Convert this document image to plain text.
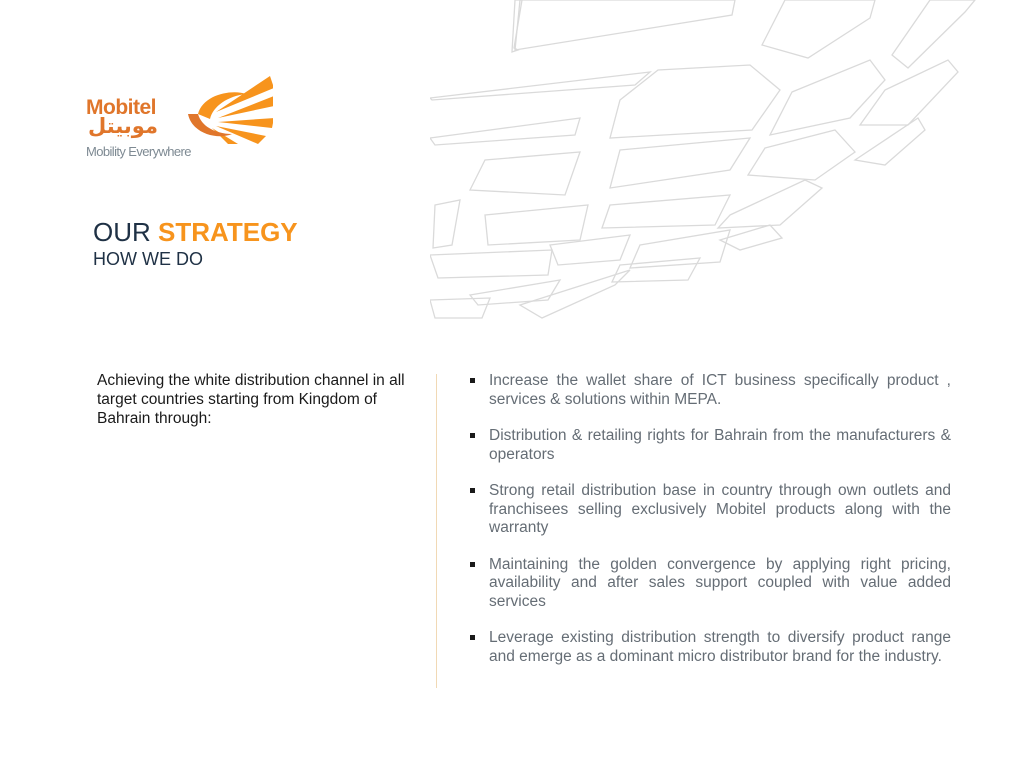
Mobitel
موبيتل
Mobility Everywhere
OUR STRATEGY
HOW WE DO
Achieving the white distribution channel in all target countries starting from Kingdom of Bahrain through:
Increase the wallet share of ICT business specifically product , services & solutions within MEPA.
Distribution & retailing rights for Bahrain from the manufacturers & operators
Strong retail distribution base in country through own outlets and franchisees selling exclusively Mobitel products along with the warranty
Maintaining the golden convergence by applying right pricing, availability and after sales support coupled with value added services
Leverage existing distribution strength to diversify product range and emerge as a dominant micro distributor brand for the industry.
